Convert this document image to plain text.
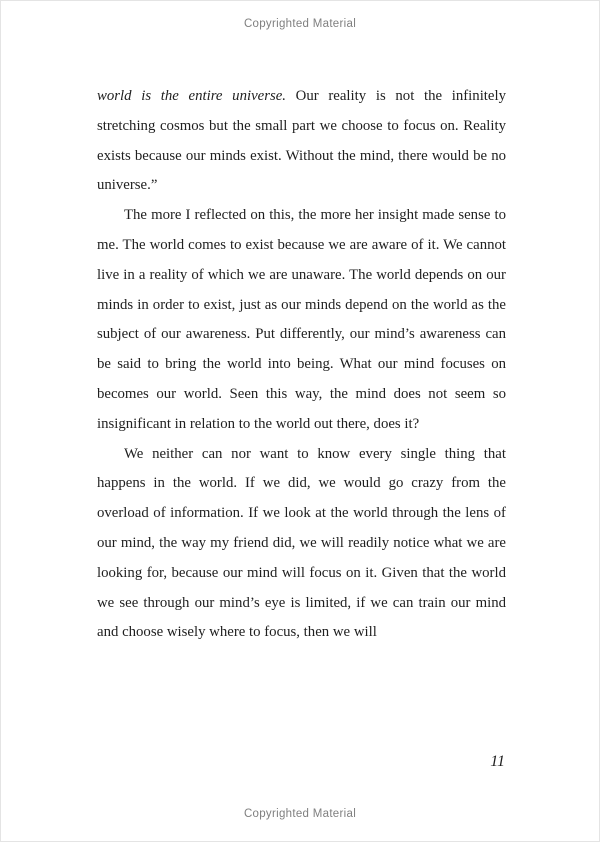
Copyrighted Material

world is the entire universe. Our reality is not the infinitely stretching cosmos but the small part we choose to focus on. Reality exists because our minds exist. Without the mind, there would be no universe.”

The more I reflected on this, the more her insight made sense to me. The world comes to exist because we are aware of it. We cannot live in a reality of which we are unaware. The world depends on our minds in order to exist, just as our minds depend on the world as the subject of our awareness. Put differently, our mind’s awareness can be said to bring the world into being. What our mind focuses on becomes our world. Seen this way, the mind does not seem so insignificant in relation to the world out there, does it?

We neither can nor want to know every single thing that happens in the world. If we did, we would go crazy from the overload of information. If we look at the world through the lens of our mind, the way my friend did, we will readily notice what we are looking for, because our mind will focus on it. Given that the world we see through our mind’s eye is limited, if we can train our mind and choose wisely where to focus, then we will

11
Copyrighted Material
